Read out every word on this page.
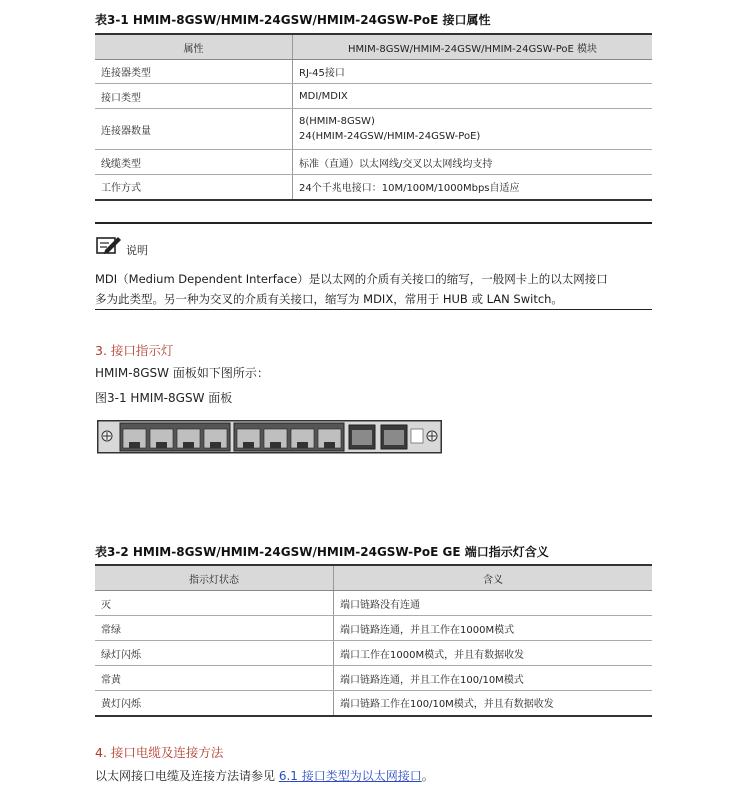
表3-1 HMIM-8GSW/HMIM-24GSW/HMIM-24GSW-PoE 接口属性
属性	HMIM-8GSW/HMIM-24GSW/HMIM-24GSW-PoE 模块
连接器类型	RJ-45接口
接口类型	MDI/MDIX
连接器数量	8(HMIM-8GSW)
24(HMIM-24GSW/HMIM-24GSW-PoE)

线缆类型	标准（直通）以太网线/交叉以太网线均支持
工作方式	24个千兆电接口：10M/100M/1000Mbps自适应
说明
MDI（Medium Dependent Interface）是以太网的介质有关接口的缩写，一般网卡上的以太网接口
多为此类型。另一种为交叉的介质有关接口，缩写为 MDIX，常用于 HUB 或 LAN Switch。
3. 接口指示灯
HMIM-8GSW 面板如下图所示：
图3-1 HMIM-8GSW 面板
表3-2 HMIM-8GSW/HMIM-24GSW/HMIM-24GSW-PoE GE 端口指示灯含义
指示灯状态	含义
灭	端口链路没有连通
常绿	端口链路连通，并且工作在1000M模式
绿灯闪烁	端口工作在1000M模式，并且有数据收发
常黄	端口链路连通，并且工作在100/10M模式
黄灯闪烁	端口链路工作在100/10M模式，并且有数据收发
4. 接口电缆及连接方法
以太网接口电缆及连接方法请参见 6.1 接口类型为以太网接口。
